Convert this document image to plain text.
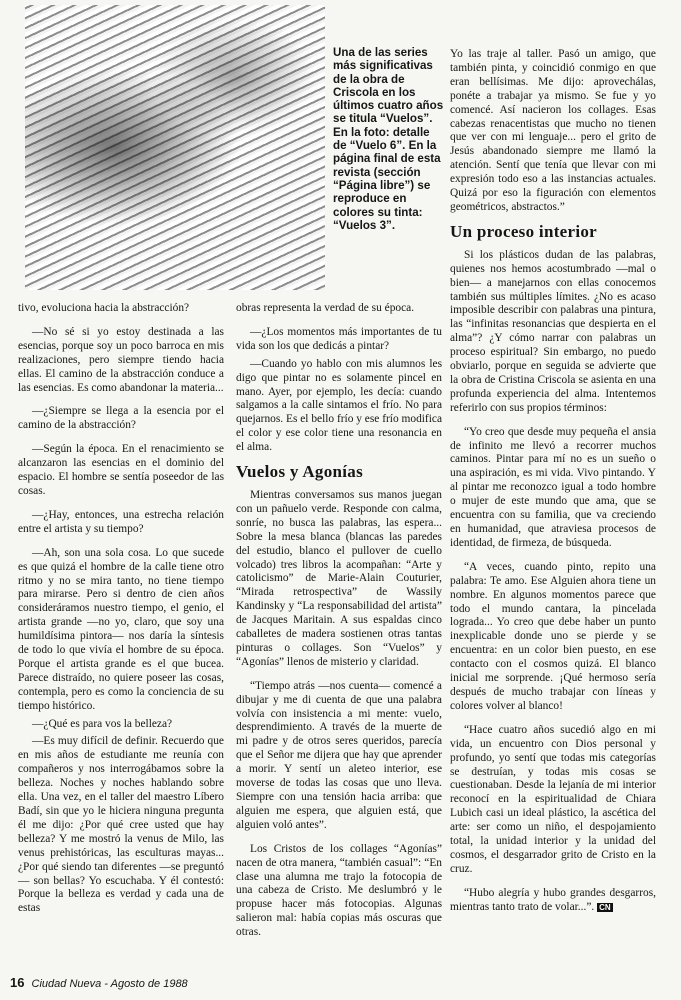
Una de las series más significativas de la obra de Criscola en los últimos cuatro años se titula “Vuelos”. En la foto: detalle de “Vuelo 6”. En la página final de esta revista (sección “Página libre”) se reproduce en colores su tinta: “Vuelos 3”.

Yo las traje al taller. Pasó un amigo, que también pinta, y coincidió conmigo en que eran bellísimas. Me dijo: aprovechálas, ponéte a trabajar ya mismo. Se fue y yo comencé. Así nacieron los collages. Esas cabezas renacentistas que mucho no tienen que ver con mi lenguaje... pero el grito de Jesús abandonado siempre me llamó la atención. Sentí que tenía que llevar con mi expresión todo eso a las instancias actuales. Quizá por eso la figuración con elementos geométricos, abstractos.”

Un proceso interior

Si los plásticos dudan de las palabras, quienes nos hemos acostumbrado —mal o bien— a manejarnos con ellas conocemos también sus múltiples límites. ¿No es acaso imposible describir con palabras una pintura, las “infinitas resonancias que despierta en el alma”? ¿Y cómo narrar con palabras un proceso espiritual? Sin embargo, no puedo obviarlo, porque en seguida se advierte que la obra de Cristina Criscola se asienta en una profunda experiencia del alma. Intentemos referirlo con sus propios términos:

“Yo creo que desde muy pequeña el ansia de infinito me llevó a recorrer muchos caminos. Pintar para mí no es un sueño o una aspiración, es mi vida. Vivo pintando. Y al pintar me reconozco igual a todo hombre o mujer de este mundo que ama, que se encuentra con su familia, que va creciendo en humanidad, que atraviesa procesos de identidad, de firmeza, de búsqueda.

“A veces, cuando pinto, repito una palabra: Te amo. Ese Alguien ahora tiene un nombre. En algunos momentos parece que todo el mundo cantara, la pincelada lograda... Yo creo que debe haber un punto inexplicable donde uno se pierde y se encuentra: en un color bien puesto, en ese contacto con el cosmos quizá. El blanco inicial me sorprende. ¡Qué hermoso sería después de mucho trabajar con líneas y colores volver al blanco!

“Hace cuatro años sucedió algo en mi vida, un encuentro con Dios personal y profundo, yo sentí que todas mis categorías se destruían, y todas mis cosas se cuestionaban. Desde la lejanía de mi interior reconocí en la espiritualidad de Chiara Lubich casi un ideal plástico, la ascética del arte: ser como un niño, el despojamiento total, la unidad interior y la unidad del cosmos, el desgarrador grito de Cristo en la cruz.

“Hubo alegría y hubo grandes desgarros, mientras tanto trato de volar...”. CN

tivo, evoluciona hacia la abstracción?

—No sé si yo estoy destinada a las esencias, porque soy un poco barroca en mis realizaciones, pero siempre tiendo hacia ellas. El camino de la abstracción conduce a las esencias. Es como abandonar la materia...

—¿Siempre se llega a la esencia por el camino de la abstracción?

—Según la época. En el renacimiento se alcanzaron las esencias en el dominio del espacio. El hombre se sentía poseedor de las cosas.

—¿Hay, entonces, una estrecha relación entre el artista y su tiempo?

—Ah, son una sola cosa. Lo que sucede es que quizá el hombre de la calle tiene otro ritmo y no se mira tanto, no tiene tiempo para mirarse. Pero si dentro de cien años consideráramos nuestro tiempo, el genio, el artista grande —no yo, claro, que soy una humildísima pintora— nos daría la síntesis de todo lo que vivía el hombre de su época. Porque el artista grande es el que bucea. Parece distraído, no quiere poseer las cosas, contempla, pero es como la conciencia de su tiempo histórico.

—¿Qué es para vos la belleza?

—Es muy difícil de definir. Recuerdo que en mis años de estudiante me reunía con compañeros y nos interrogábamos sobre la belleza. Noches y noches hablando sobre ella. Una vez, en el taller del maestro Líbero Badí, sin que yo le hiciera ninguna pregunta él me dijo: ¿Por qué cree usted que hay belleza? Y me mostró la venus de Milo, las venus prehistóricas, las esculturas mayas... ¿Por qué siendo tan diferentes —se preguntó— son bellas? Yo escuchaba. Y él contestó: Porque la belleza es verdad y cada una de estas

obras representa la verdad de su época.

—¿Los momentos más importantes de tu vida son los que dedicás a pintar?

—Cuando yo hablo con mis alumnos les digo que pintar no es solamente pincel en mano. Ayer, por ejemplo, les decía: cuando salgamos a la calle sintamos el frío. No para quejarnos. Es el bello frío y ese frío modifica el color y ese color tiene una resonancia en el alma.

Vuelos y Agonías

Mientras conversamos sus manos juegan con un pañuelo verde. Responde con calma, sonríe, no busca las palabras, las espera... Sobre la mesa blanca (blancas las paredes del estudio, blanco el pullover de cuello volcado) tres libros la acompañan: “Arte y catolicismo” de Marie-Alain Couturier, “Mirada retrospectiva” de Wassily Kandinsky y “La responsabilidad del artista” de Jacques Maritain. A sus espaldas cinco caballetes de madera sostienen otras tantas pinturas o collages. Son “Vuelos” y “Agonías” llenos de misterio y claridad.

“Tiempo atrás —nos cuenta— comencé a dibujar y me di cuenta de que una palabra volvía con insistencia a mi mente: vuelo, desprendimiento. A través de la muerte de mi padre y de otros seres queridos, parecía que el Señor me dijera que hay que aprender a morir. Y sentí un aleteo interior, ese moverse de todas las cosas que uno lleva. Siempre con una tensión hacia arriba: que alguien me espera, que alguien está, que alguien voló antes”.

Los Cristos de los collages “Agonías” nacen de otra manera, “también casual”: “En clase una alumna me trajo la fotocopia de una cabeza de Cristo. Me deslumbró y le propuse hacer más fotocopias. Algunas salieron mal: había copias más oscuras que otras.

16 Ciudad Nueva - Agosto de 1988
